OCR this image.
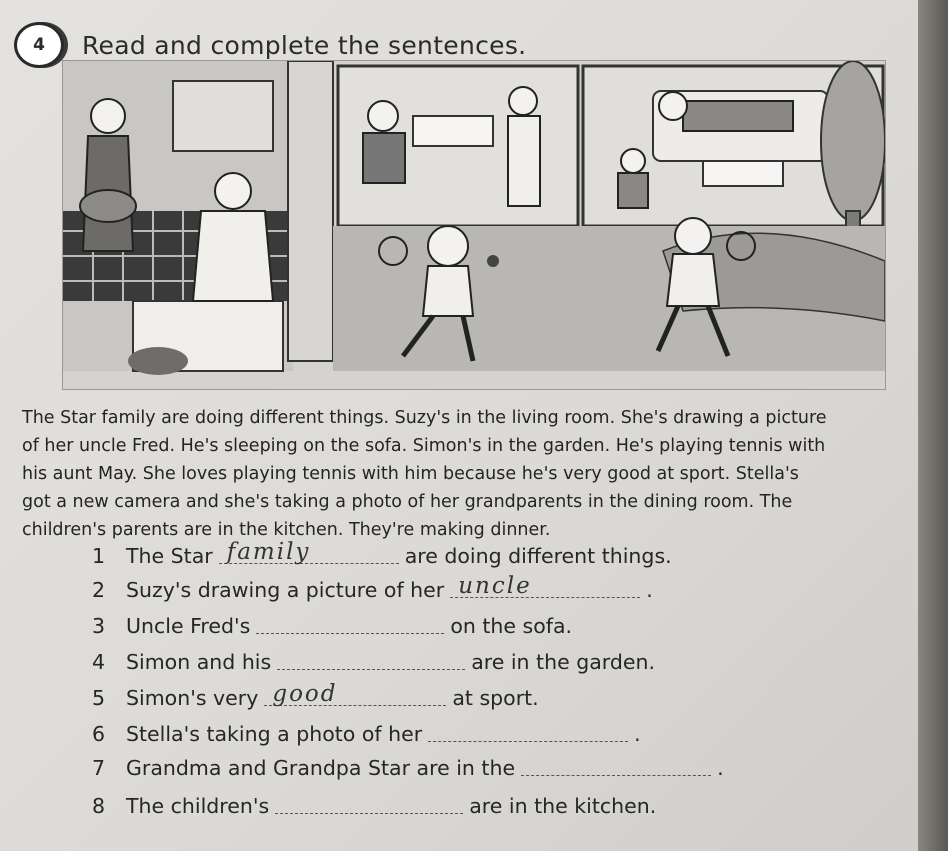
4	Read and complete the sentences.

The Star family are doing different things. Suzy's in the living room. She's drawing a picture

of her uncle Fred. He's sleeping on the sofa. Simon's in the garden. He's playing tennis with

his aunt May. She loves playing tennis with him because he's very good at sport. Stella's

got a new camera and she's taking a photo of her grandparents in the dining room. The

children's parents are in the kitchen. They're making dinner.

1	The Star family	are doing different things.
2	Suzy's drawing a picture of her uncle	.
3	Uncle Fred's	on the sofa.
4	Simon and his	are in the garden.
5	Simon's very good	at sport.
6	Stella's taking a photo of her	.
7	Grandma and Grandpa Star are in the	.
8	The children's	are in the kitchen.
